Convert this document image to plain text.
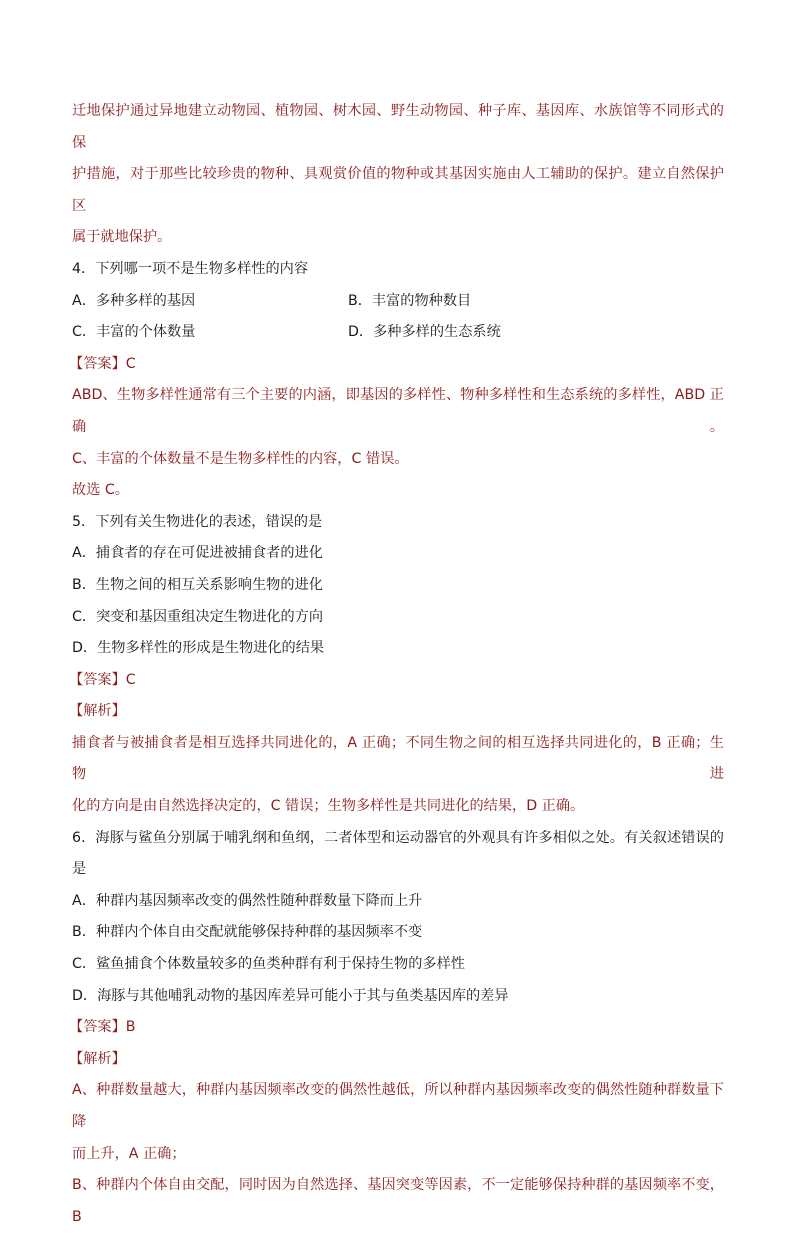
迁地保护通过异地建立动物园、植物园、树木园、野生动物园、种子库、基因库、水族馆等不同形式的保
护措施，对于那些比较珍贵的物种、具观赏价值的物种或其基因实施由人工辅助的保护。建立自然保护区
属于就地保护。
4．下列哪一项不是生物多样性的内容
A．多种多样的基因	B．丰富的物种数目
C．丰富的个体数量	D．多种多样的生态系统
【答案】C
ABD、生物多样性通常有三个主要的内涵，即基因的多样性、物种多样性和生态系统的多样性，ABD 正确。
C、丰富的个体数量不是生物多样性的内容，C 错误。
故选 C。
5．下列有关生物进化的表述，错误的是
A．捕食者的存在可促进被捕食者的进化
B．生物之间的相互关系影响生物的进化
C．突变和基因重组决定生物进化的方向
D．生物多样性的形成是生物进化的结果
【答案】C
【解析】
捕食者与被捕食者是相互选择共同进化的，A 正确；不同生物之间的相互选择共同进化的，B 正确；生物进
化的方向是由自然选择决定的，C 错误；生物多样性是共同进化的结果，D 正确。
6．海豚与鲨鱼分别属于哺乳纲和鱼纲，二者体型和运动器官的外观具有许多相似之处。有关叙述错误的是
A．种群内基因频率改变的偶然性随种群数量下降而上升
B．种群内个体自由交配就能够保持种群的基因频率不变
C．鲨鱼捕食个体数量较多的鱼类种群有利于保持生物的多样性
D．海豚与其他哺乳动物的基因库差异可能小于其与鱼类基因库的差异
【答案】B
【解析】
A、种群数量越大，种群内基因频率改变的偶然性越低，所以种群内基因频率改变的偶然性随种群数量下降
而上升，A 正确；
B、种群内个体自由交配，同时因为自然选择、基因突变等因素，不一定能够保持种群的基因频率不变，B
